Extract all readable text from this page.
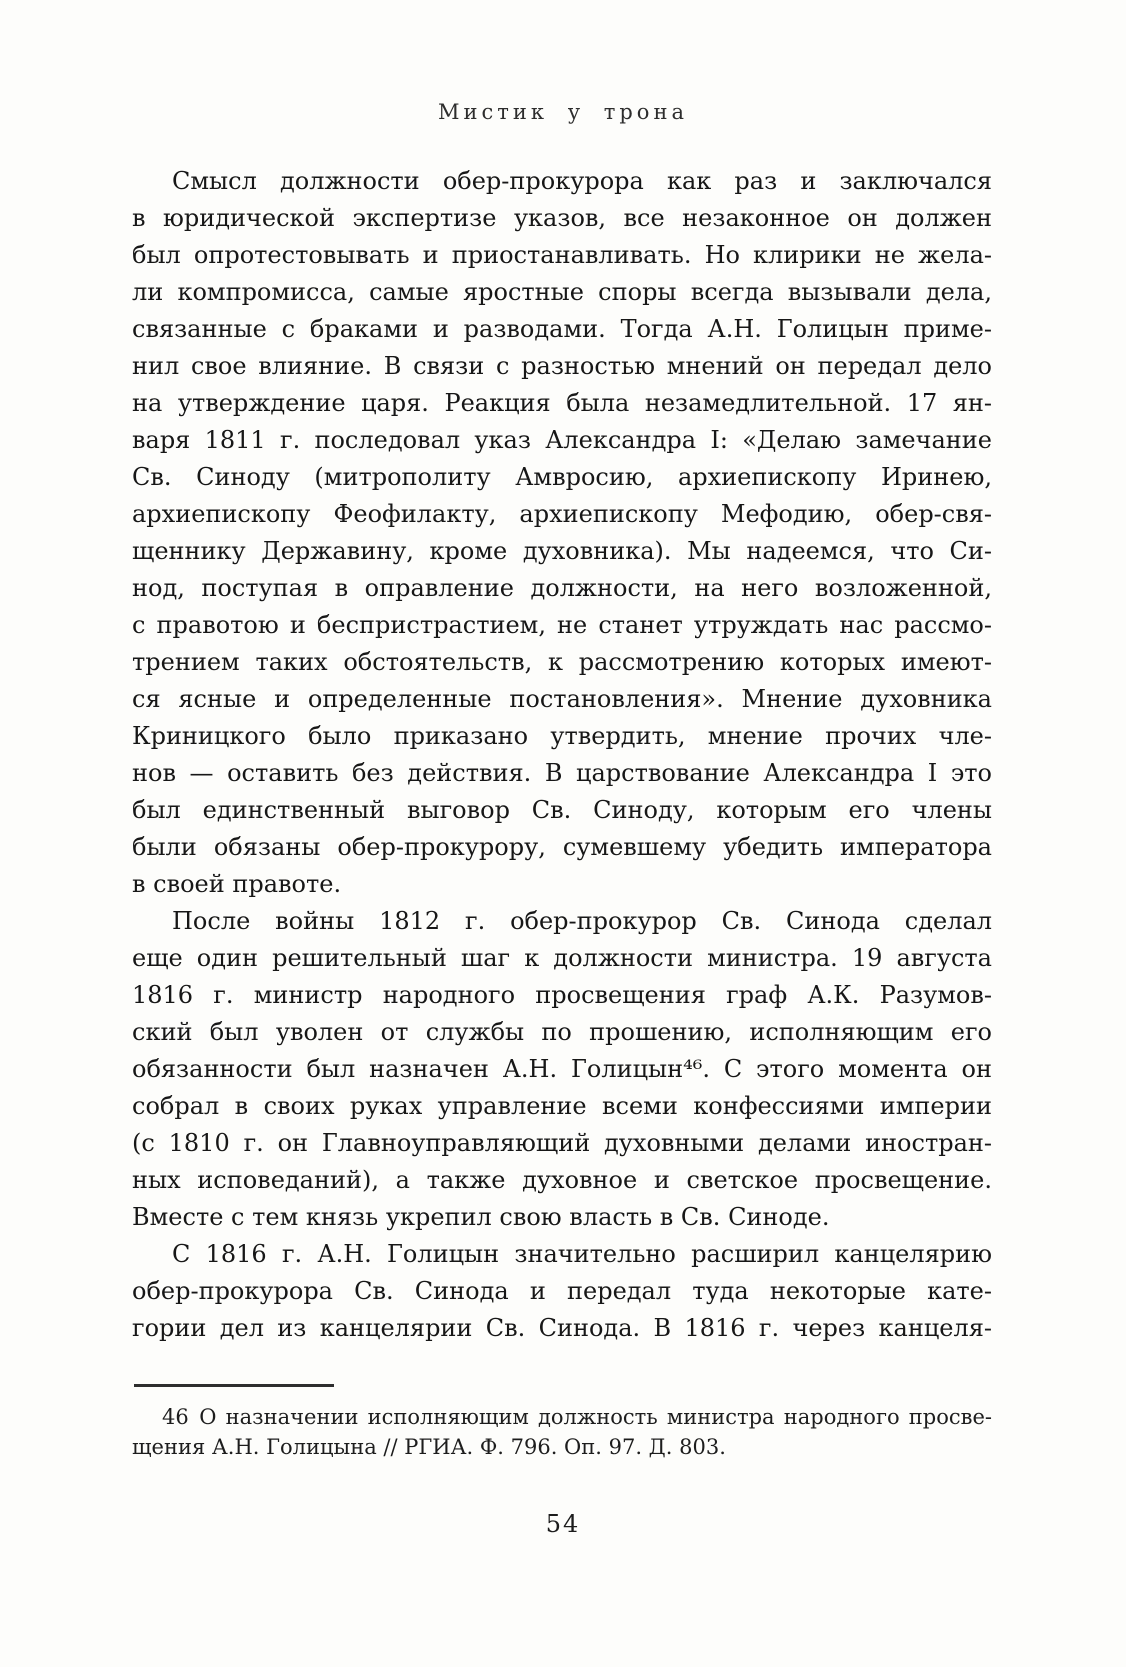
Мистик у трона
Смысл должности обер-прокурора как раз и заключался
в юридической экспертизе указов, все незаконное он должен
был опротестовывать и приостанавливать. Но клирики не жела-
ли компромисса, самые яростные споры всегда вызывали дела,
связанные с браками и разводами. Тогда А.Н. Голицын приме-
нил свое влияние. В связи с разностью мнений он передал дело
на утверждение царя. Реакция была незамедлительной. 17 ян-
варя 1811 г. последовал указ Александра I: «Делаю замечание
Св. Синоду (митрополиту Амвросию, архиепископу Иринею,
архиепископу Феофилакту, архиепископу Мефодию, обер-свя-
щеннику Державину, кроме духовника). Мы надеемся, что Си-
нод, поступая в оправление должности, на него возложенной,
с правотою и беспристрастием, не станет утруждать нас рассмо-
трением таких обстоятельств, к рассмотрению которых имеют-
ся ясные и определенные постановления». Мнение духовника
Криницкого было приказано утвердить, мнение прочих чле-
нов — оставить без действия. В царствование Александра I это
был единственный выговор Св. Синоду, которым его члены
были обязаны обер-прокурору, сумевшему убедить императора
в своей правоте.
После войны 1812 г. обер-прокурор Св. Синода сделал
еще один решительный шаг к должности министра. 19 августа
1816 г. министр народного просвещения граф А.К. Разумов-
ский был уволен от службы по прошению, исполняющим его
обязанности был назначен А.Н. Голицын⁴⁶. С этого момента он
собрал в своих руках управление всеми конфессиями империи
(с 1810 г. он Главноуправляющий духовными делами иностран-
ных исповеданий), а также духовное и светское просвещение.
Вместе с тем князь укрепил свою власть в Св. Синоде.
С 1816 г. А.Н. Голицын значительно расширил канцелярию
обер-прокурора Св. Синода и передал туда некоторые кате-
гории дел из канцелярии Св. Синода. В 1816 г. через канцеля-
46 О назначении исполняющим должность министра народного просве-
щения А.Н. Голицына // РГИА. Ф. 796. Оп. 97. Д. 803.
54
